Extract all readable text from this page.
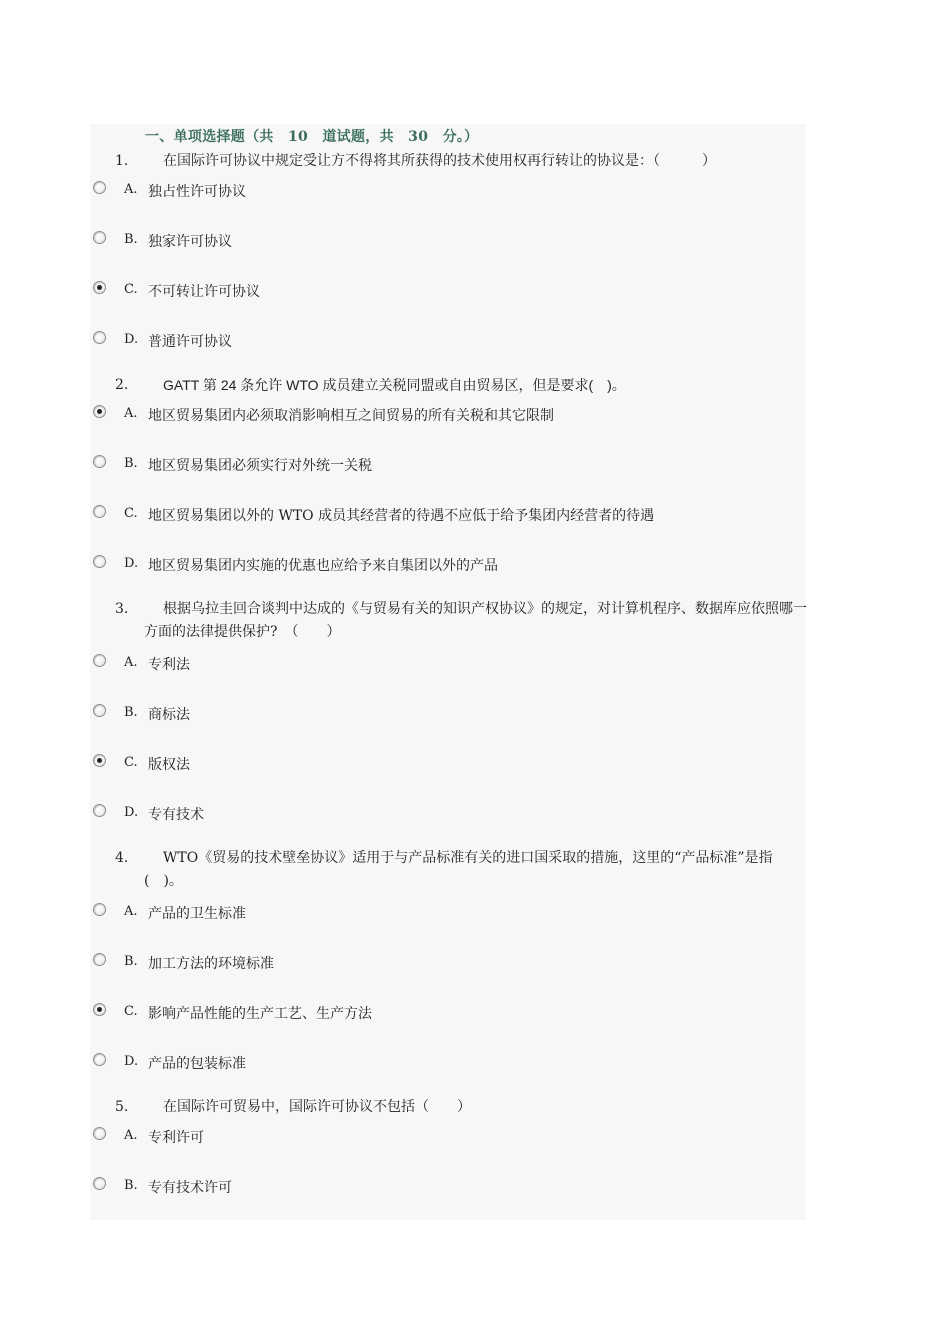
一、单项选择题（共　10　道试题，共　30　分。）
1.	在国际许可协议中规定受让方不得将其所获得的技术使用权再行转让的协议是：（　　　）
A. 独占性许可协议
B. 独家许可协议
C. 不可转让许可协议
D. 普通许可协议
2.	GATT 第 24 条允许 WTO 成员建立关税同盟或自由贸易区，但是要求(　)。
A. 地区贸易集团内必须取消影响相互之间贸易的所有关税和其它限制
B. 地区贸易集团必须实行对外统一关税
C. 地区贸易集团以外的 WTO 成员其经营者的待遇不应低于给予集团内经营者的待遇
D. 地区贸易集团内实施的优惠也应给予来自集团以外的产品
3.	根据乌拉圭回合谈判中达成的《与贸易有关的知识产权协议》的规定，对计算机程序、数据库应依照哪一方面的法律提供保护?　（　　）
A. 专利法
B. 商标法
C. 版权法
D. 专有技术
4.	WTO《贸易的技术壁垒协议》适用于与产品标准有关的进口国采取的措施，这里的“产品标准”是指(　)。
A. 产品的卫生标准
B. 加工方法的环境标准
C. 影响产品性能的生产工艺、生产方法
D. 产品的包装标准
5.	在国际许可贸易中，国际许可协议不包括（　　）
A. 专利许可
B. 专有技术许可
